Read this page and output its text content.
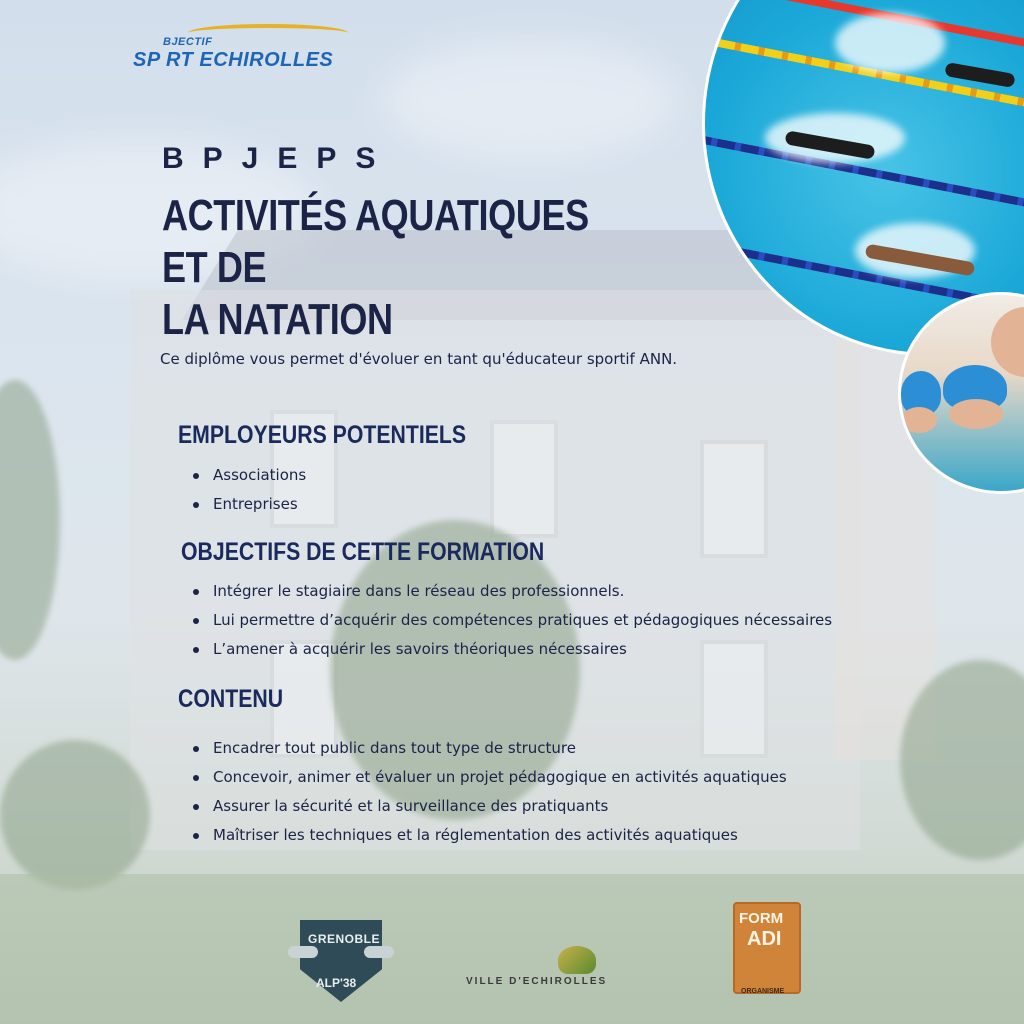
BJECTIF
SP RT ECHIROLLES
BPJEPS
ACTIVITÉS AQUATIQUES ET DE
LA NATATION
Ce diplôme vous permet d'évoluer en tant qu'éducateur sportif ANN.
EMPLOYEURS POTENTIELS
Associations
Entreprises
OBJECTIFS DE CETTE FORMATION
Intégrer le stagiaire dans le réseau des professionnels.
Lui permettre d’acquérir des compétences pratiques et pédagogiques nécessaires
L’amener à acquérir les savoirs théoriques nécessaires
CONTENU
Encadrer tout public dans tout type de structure
Concevoir, animer et évaluer un projet pédagogique en activités aquatiques
Assurer la sécurité et la surveillance des pratiquants
Maîtriser les techniques et la réglementation des activités aquatiques
GRENOBLE
ALP'38	VILLE D'ECHIROLLES
FORM
ADI
ORGANISME
